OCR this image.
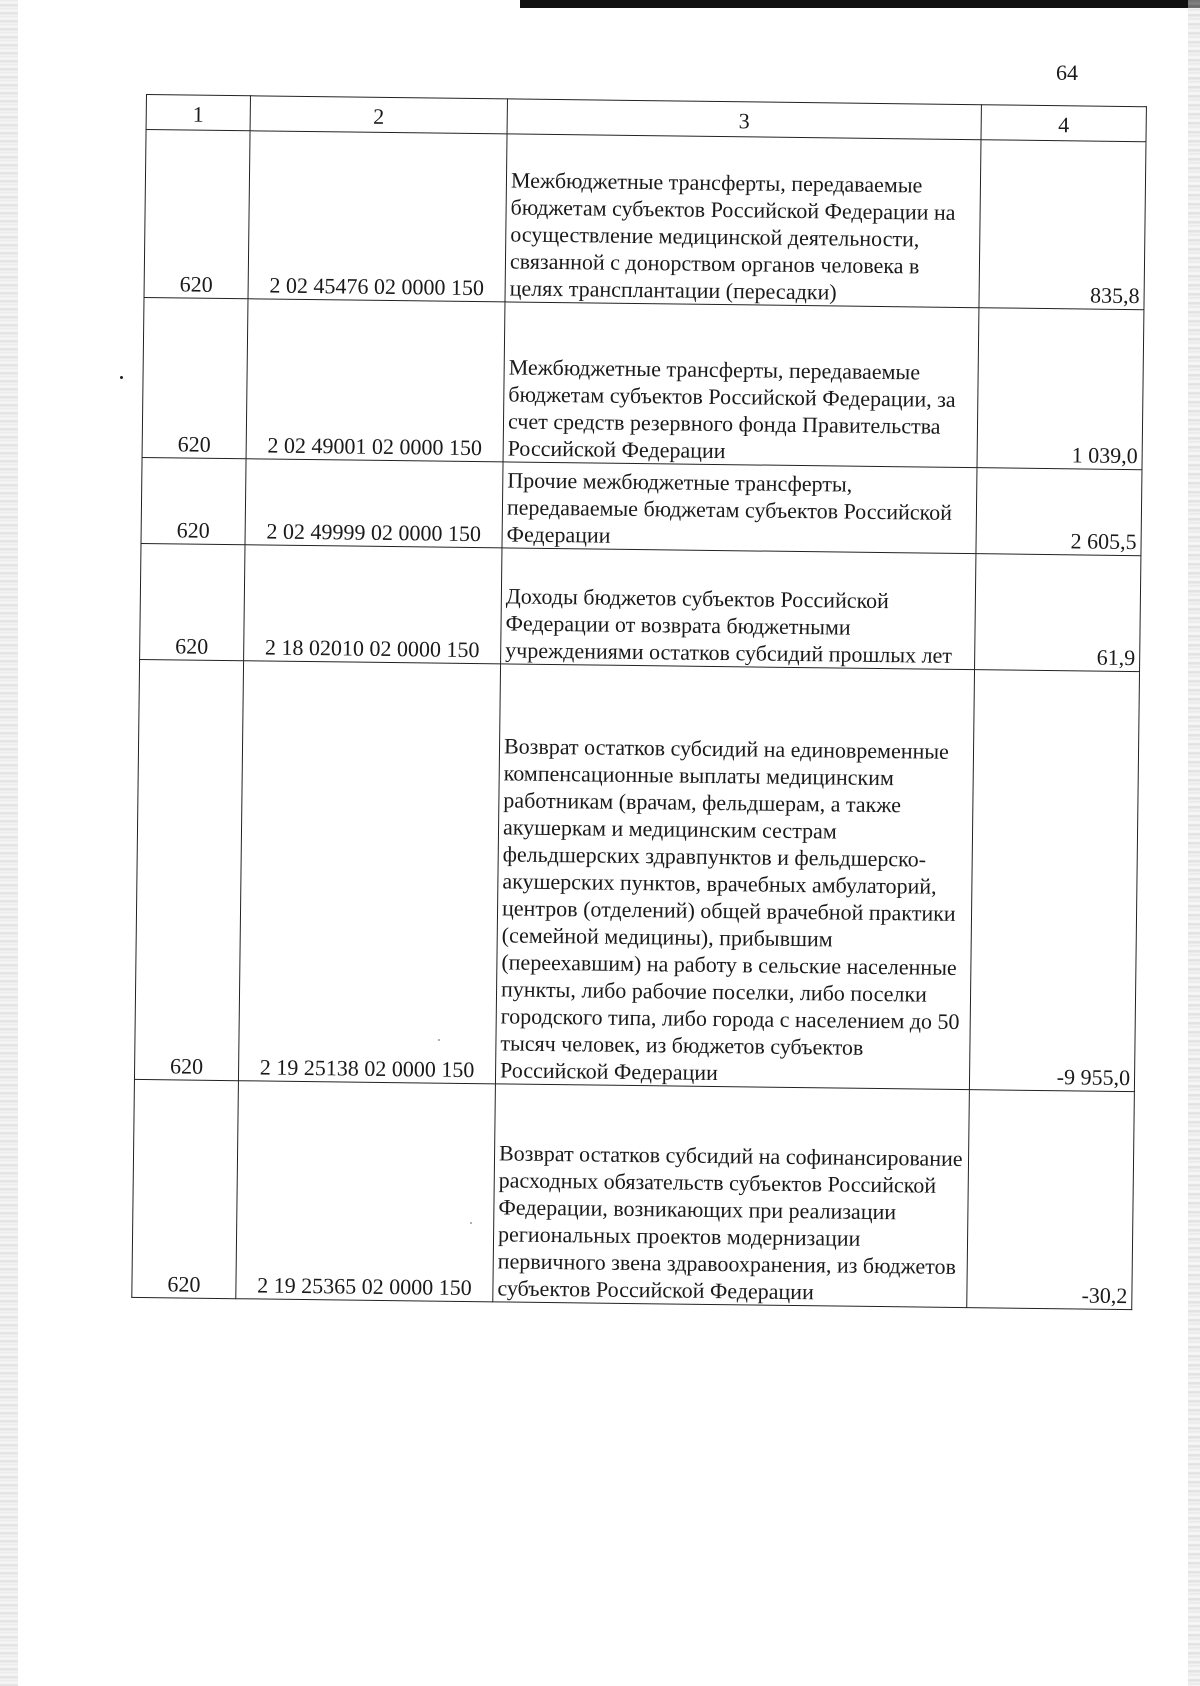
64
1	2	3	4
620	2 02 45476 02 0000 150	Межбюджетные трансферты, передаваемые бюджетам субъектов Российской Федерации на осуществление медицинской деятельности, связанной с донорством органов человека в целях трансплантации (пересадки)	835,8
620	2 02 49001 02 0000 150	Межбюджетные трансферты, передаваемые бюджетам субъектов Российской Федерации, за счет средств резервного фонда Правительства Российской Федерации	1 039,0
620	2 02 49999 02 0000 150	Прочие межбюджетные трансферты, передаваемые бюджетам субъектов Российской Федерации	2 605,5
620	2 18 02010 02 0000 150	Доходы бюджетов субъектов Российской Федерации от возврата бюджетными учреждениями остатков субсидий прошлых лет	61,9
620	2 19 25138 02 0000 150	Возврат остатков субсидий на единовременные компенсационные выплаты медицинским работникам (врачам, фельдшерам, а также акушеркам и медицинским сестрам фельдшерских здравпунктов и фельдшерско-акушерских пунктов, врачебных амбулаторий, центров (отделений) общей врачебной практики (семейной медицины), прибывшим (переехавшим) на работу в сельские населенные пункты, либо рабочие поселки, либо поселки городского типа, либо города с населением до 50 тысяч человек, из бюджетов субъектов Российской Федерации	-9 955,0
620	2 19 25365 02 0000 150	Возврат остатков субсидий на софинансирование расходных обязательств субъектов Российской Федерации, возникающих при реализации региональных проектов модернизации первичного звена здравоохранения, из бюджетов субъектов Российской Федерации	-30,2
